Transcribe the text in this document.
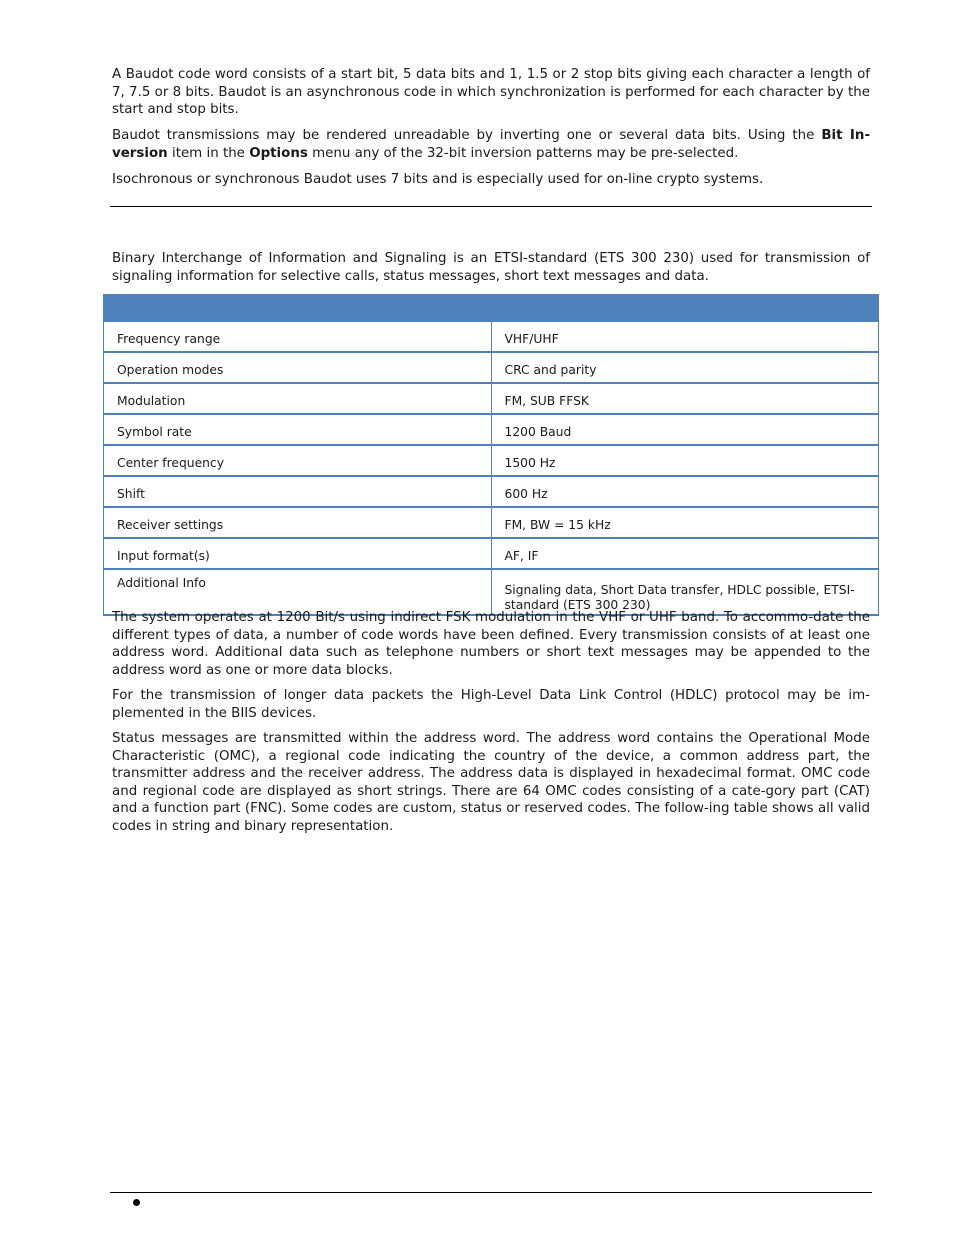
A Baudot code word consists of a start bit, 5 data bits and 1, 1.5 or 2 stop bits giving each character a length of 7, 7.5 or 8 bits. Baudot is an asynchronous code in which synchronization is performed for each character by the start and stop bits.

Baudot transmissions may be rendered unreadable by inverting one or several data bits. Using the Bit In-version item in the Options menu any of the 32-bit inversion patterns may be pre-selected.

Isochronous or synchronous Baudot uses 7 bits and is especially used for on-line crypto systems.

Binary Interchange of Information and Signaling is an ETSI-standard (ETS 300 230) used for transmission of signaling information for selective calls, status messages, short text messages and data.

Frequency range	VHF/UHF
Operation modes	CRC and parity
Modulation	FM, SUB FFSK
Symbol rate	1200 Baud
Center frequency	1500 Hz
Shift	600 Hz
Receiver settings	FM, BW = 15 kHz
Input format(s)	AF, IF
Additional Info	Signaling data, Short Data transfer, HDLC possible, ETSI-standard (ETS 300 230)

The system operates at 1200 Bit/s using indirect FSK modulation in the VHF or UHF band. To accommo-date the different types of data, a number of code words have been defined. Every transmission consists of at least one address word. Additional data such as telephone numbers or short text messages may be appended to the address word as one or more data blocks.

For the transmission of longer data packets the High-Level Data Link Control (HDLC) protocol may be im-plemented in the BIIS devices.

Status messages are transmitted within the address word. The address word contains the Operational Mode Characteristic (OMC), a regional code indicating the country of the device, a common address part, the transmitter address and the receiver address. The address data is displayed in hexadecimal format. OMC code and regional code are displayed as short strings. There are 64 OMC codes consisting of a cate-gory part (CAT) and a function part (FNC). Some codes are custom, status or reserved codes. The follow-ing table shows all valid codes in string and binary representation.
